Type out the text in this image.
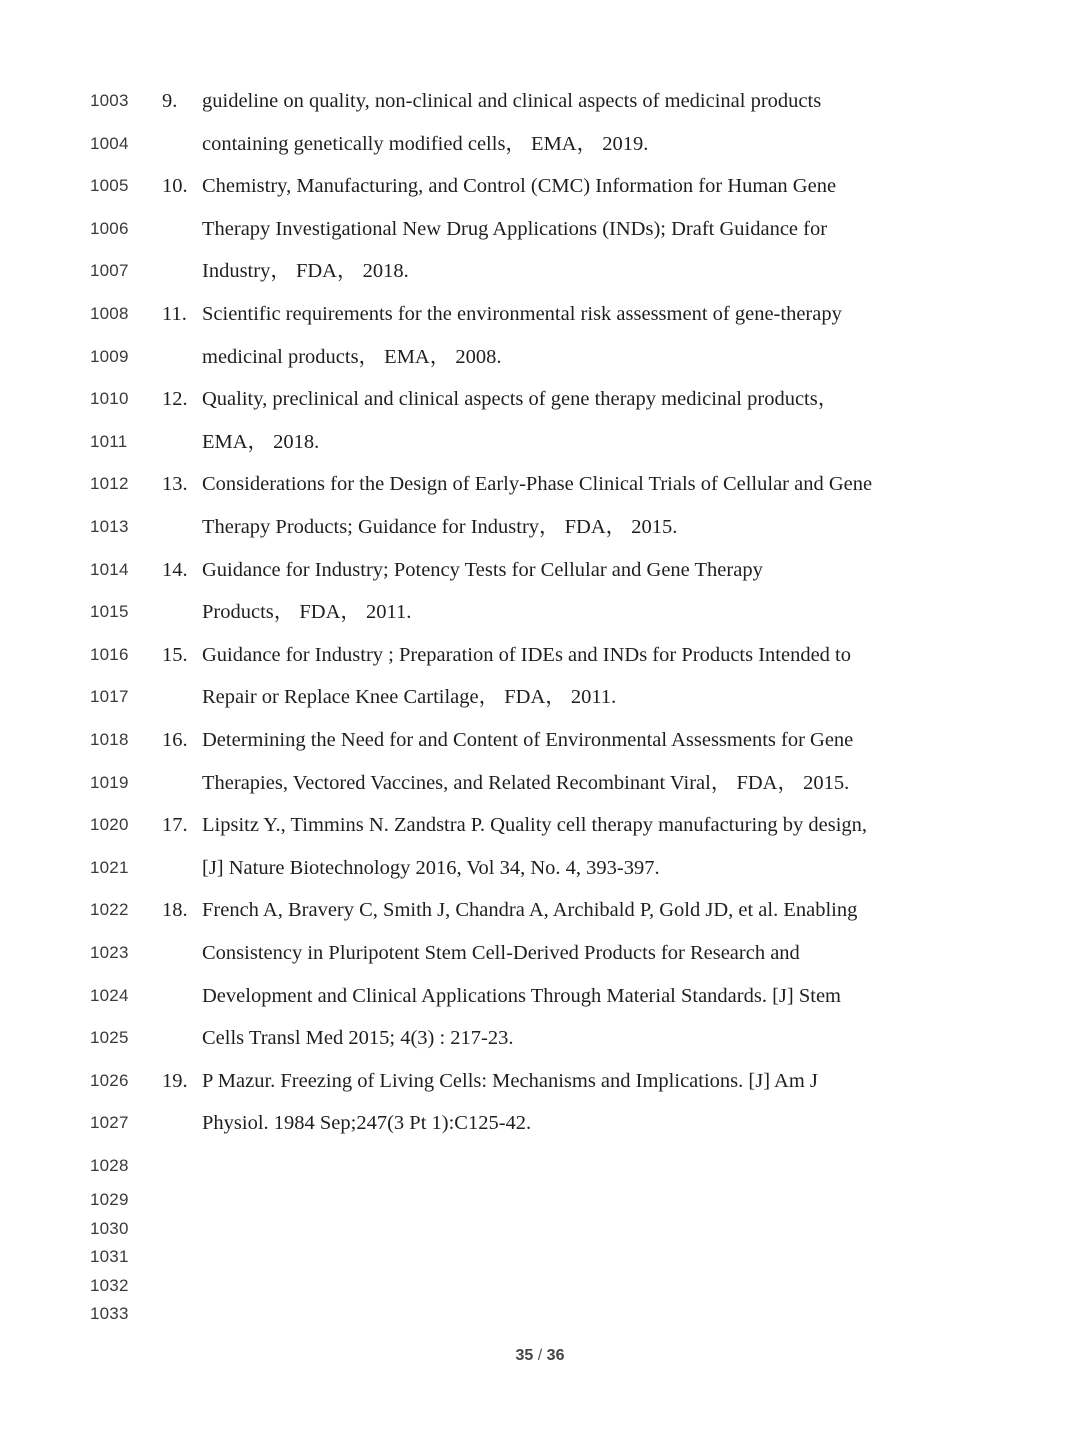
1003	9. guideline on quality, non-clinical and clinical aspects of medicinal products
1004	containing genetically modified cells， EMA， 2019.
1005	10. Chemistry, Manufacturing, and Control (CMC) Information for Human Gene
1006	Therapy Investigational New Drug Applications (INDs); Draft Guidance for
1007	Industry， FDA， 2018.
1008	11. Scientific requirements for the environmental risk assessment of gene-therapy
1009	medicinal products， EMA， 2008.
1010	12. Quality, preclinical and clinical aspects of gene therapy medicinal products，
1011	EMA， 2018.
1012	13. Considerations for the Design of Early-Phase Clinical Trials of Cellular and Gene
1013	Therapy Products; Guidance for Industry， FDA， 2015.
1014	14. Guidance for Industry; Potency Tests for Cellular and Gene Therapy
1015	Products， FDA， 2011.
1016	15. Guidance for Industry ; Preparation of IDEs and INDs for Products Intended to
1017	Repair or Replace Knee Cartilage， FDA， 2011.
1018	16. Determining the Need for and Content of Environmental Assessments for Gene
1019	Therapies, Vectored Vaccines, and Related Recombinant Viral， FDA， 2015.
1020	17. Lipsitz Y., Timmins N. Zandstra P. Quality cell therapy manufacturing by design,
1021	[J] Nature Biotechnology 2016, Vol 34, No. 4, 393-397.
1022	18. French A, Bravery C, Smith J, Chandra A, Archibald P, Gold JD, et al. Enabling
1023	Consistency in Pluripotent Stem Cell-Derived Products for Research and
1024	Development and Clinical Applications Through Material Standards. [J] Stem
1025	Cells Transl Med 2015; 4(3) : 217-23.
1026	19. P Mazur. Freezing of Living Cells: Mechanisms and Implications. [J] Am J
1027	Physiol. 1984 Sep;247(3 Pt 1):C125-42.
1028
1029
1030
1031
1032
1033
35 / 36
